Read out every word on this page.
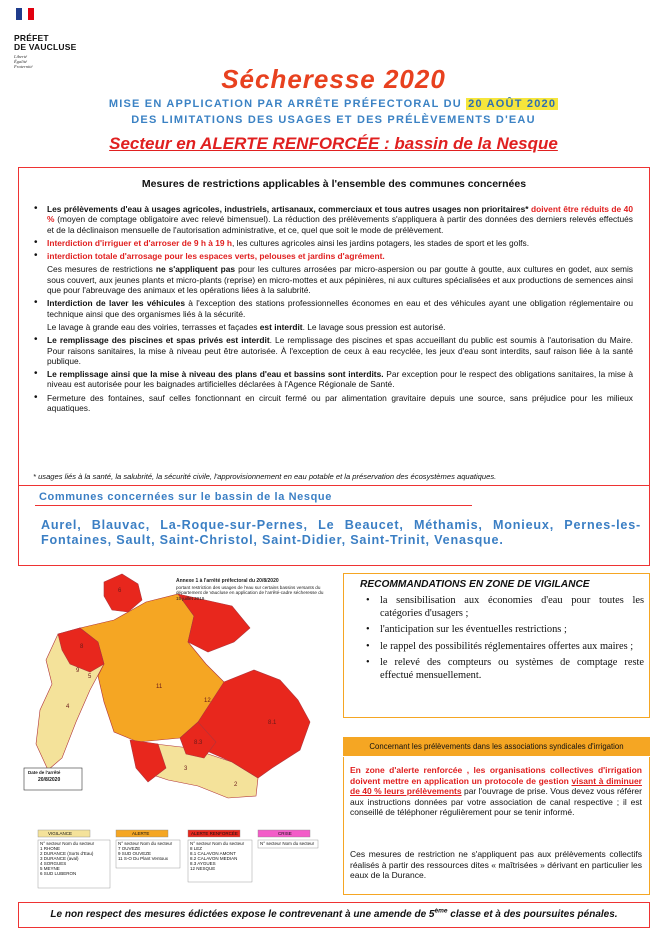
PRÉFET
DE VAUCLUSE
Liberté
Égalité
Fraternité	Sécheresse 2020
MISE EN APPLICATION PAR ARRÊTE PRÉFECTORAL DU 20 AOÛT 2020
DES LIMITATIONS DES USAGES ET DES PRÉLÈVEMENTS D'EAU
Secteur en ALERTE RENFORCÉE : bassin de la Nesque
Mesures de restrictions applicables à l'ensemble des communes concernées
• Les prélèvements d'eau à usages agricoles, industriels, artisanaux, commerciaux et tous autres usages non prioritaires* doivent être réduits de 40 % (moyen de comptage obligatoire avec relevé bimensuel). La réduction des prélèvements s'appliquera à partir des données des derniers relevés effectués et de la déclinaison mensuelle de l'autorisation administrative, et ce, quel que soit le mode de prélèvement.
• Interdiction d'irriguer et d'arroser de 9 h à 19 h, les cultures agricoles ainsi les jardins potagers, les stades de sport et les golfs.
• interdiction totale d'arrosage pour les espaces verts, pelouses et jardins d'agrément.
Ces mesures de restrictions ne s'appliquent pas pour les cultures arrosées par micro-aspersion ou par goutte à goutte, aux cultures en godet, aux semis sous couvert, aux jeunes plants et micro-plants (reprise) en micro-mottes et aux pépinières, ni aux cultures spécialisées et aux productions de semences ainsi que pour l'abreuvage des animaux et les opérations liées à la salubrité.
• Interdiction de laver les véhicules à l'exception des stations professionnelles économes en eau et des véhicules ayant une obligation réglementaire ou technique ainsi que des organismes liés à la sécurité.
Le lavage à grande eau des voiries, terrasses et façades est interdit. Le lavage sous pression est autorisé.
• Le remplissage des piscines et spas privés est interdit. Le remplissage des piscines et spas accueillant du public est soumis à l'autorisation du Maire. Pour raisons sanitaires, la mise à niveau peut être autorisée. À l'exception de ceux à eau recyclée, les jeux d'eau sont interdits, sauf raison liée à la santé publique.
• Le remplissage ainsi que la mise à niveau des plans d'eau et bassins sont interdits. Par exception pour le respect des obligations sanitaires, la mise à niveau est autorisée pour les baignades artificielles déclarées à l'Agence Régionale de Santé.
• Fermeture des fontaines, sauf celles fonctionnant en circuit fermé ou par alimentation gravitaire depuis une source, sans préjudice pour les milieux aquatiques.
* usages liés à la santé, la salubrité, la sécurité civile, l'approvisionnement en eau potable et la préservation des écosystèmes aquatiques.
Communes concernées sur le bassin de la Nesque
Aurel, Blauvac, La-Roque-sur-Pernes, Le Beaucet, Méthamis, Monieux, Pernes-les-Fontaines, Sault, Saint-Christol, Saint-Didier, Saint-Trinit, Venasque.
6
8
9
5
4
11
12
3
8.3
2
8.1
Annexe 1 à l'arrêté préfectoral du 20/8/2020
portant restriction des usages de l'eau sur certains bassins versants du département de Vaucluse en application de l'arrêté-cadre sécheresse du 15 juillet 2019
Date de l'arrêté
20/8/2020
VIGILANCE	ALERTE	ALERTE RENFORCÉE	CRISE
N° secteur Nom du secteur
1 RHONE
2 DURANCE (Sorts d'Eau)
3 DURANCE (aval)
4 SORGUES
5 MEYNE
6 SUD LUBERON
N° secteur Nom du secteur
7 OUVEZE
9 SUD OUVEZE
11 S-O Du Plant Ventoux
N° secteur Nom du secteur
8 LEZ
8.1 CALAVON AMONT
8.2 CALAVON MEDIAN
8.3 AYGUES
12 NESQUE
N° secteur Nom du secteur
RECOMMANDATIONS EN ZONE DE VIGILANCE
• la sensibilisation aux économies d'eau pour toutes les catégories d'usagers ;
• l'anticipation sur les éventuelles restrictions ;
• le rappel des possibilités réglementaires offertes aux maires ;
• le relevé des compteurs ou systèmes de comptage reste effectué mensuellement.
Concernant les prélèvements dans les associations syndicales d'irrigation
En zone d'alerte renforcée , les organisations collectives d'irrigation doivent mettre en application un protocole de gestion visant à diminuer de 40 % leurs prélèvements par l'ouvrage de prise. Vous devez vous référer aux instructions données par votre association de canal respective ; il est conseillé de téléphoner régulièrement pour se tenir informé.
Ces mesures de restriction ne s'appliquent pas aux prélèvements collectifs réalisés à partir des ressources dites « maîtrisées » dérivant en particulier les eaux de la Durance.
Le non respect des mesures édictées expose le contrevenant à une amende de 5ème classe et à des poursuites pénales.
